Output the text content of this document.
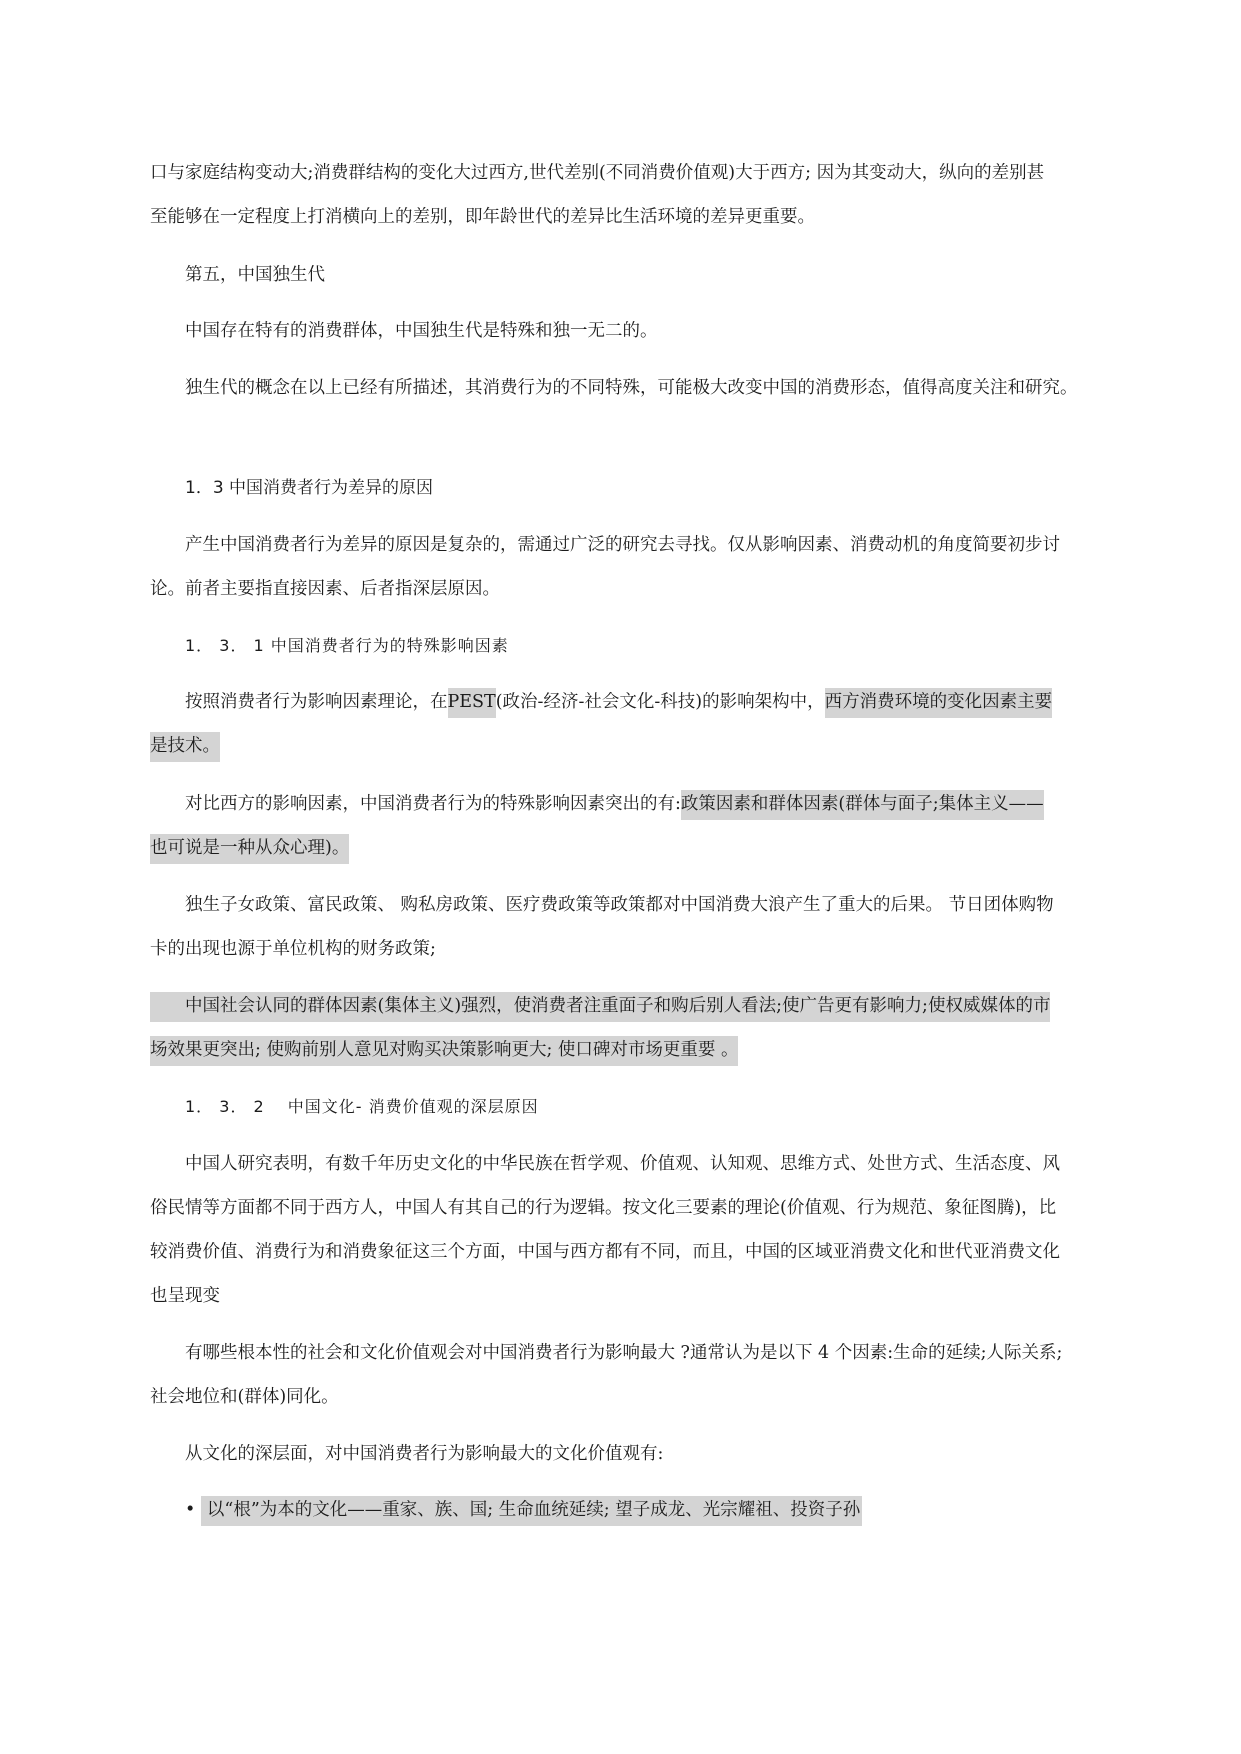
口与家庭结构变动大;消费群结构的变化大过西方,世代差别(不同消费价值观)大于西方; 因为其变动大，纵向的差别甚
至能够在一定程度上打消横向上的差别，即年龄世代的差异比生活环境的差异更重要。
第五，中国独生代
中国存在特有的消费群体，中国独生代是特殊和独一无二的。
独生代的概念在以上已经有所描述，其消费行为的不同特殊，可能极大改变中国的消费形态，值得高度关注和研究。
1．3 中国消费者行为差异的原因
产生中国消费者行为差异的原因是复杂的，需通过广泛的研究去寻找。仅从影响因素、消费动机的角度简要初步讨
论。前者主要指直接因素、后者指深层原因。
1． 3． 1 中国消费者行为的特殊影响因素
按照消费者行为影响因素理论，在PEST(政治-经济-社会文化-科技)的影响架构中，西方消费环境的变化因素主要
是技术。
对比西方的影响因素，中国消费者行为的特殊影响因素突出的有:政策因素和群体因素(群体与面子;集体主义——
也可说是一种从众心理)。
独生子女政策、富民政策、 购私房政策、医疗费政策等政策都对中国消费大浪产生了重大的后果。 节日团体购物
卡的出现也源于单位机构的财务政策;
中国社会认同的群体因素(集体主义)强烈，使消费者注重面子和购后别人看法;使广告更有影响力;使权威媒体的市
场效果更突出; 使购前别人意见对购买决策影响更大; 使口碑对市场更重要 。
1． 3． 2　 中国文化- 消费价值观的深层原因
中国人研究表明，有数千年历史文化的中华民族在哲学观、价值观、认知观、思维方式、处世方式、生活态度、风
俗民情等方面都不同于西方人，中国人有其自己的行为逻辑。按文化三要素的理论(价值观、行为规范、象征图腾)，比
较消费价值、消费行为和消费象征这三个方面，中国与西方都有不同，而且，中国的区域亚消费文化和世代亚消费文化
也呈现变
有哪些根本性的社会和文化价值观会对中国消费者行为影响最大 ?通常认为是以下 4 个因素:生命的延续;人际关系;
社会地位和(群体)同化。
从文化的深层面，对中国消费者行为影响最大的文化价值观有:
• 以“根”为本的文化——重家、族、国; 生命血统延续; 望子成龙、光宗耀祖、投资子孙
